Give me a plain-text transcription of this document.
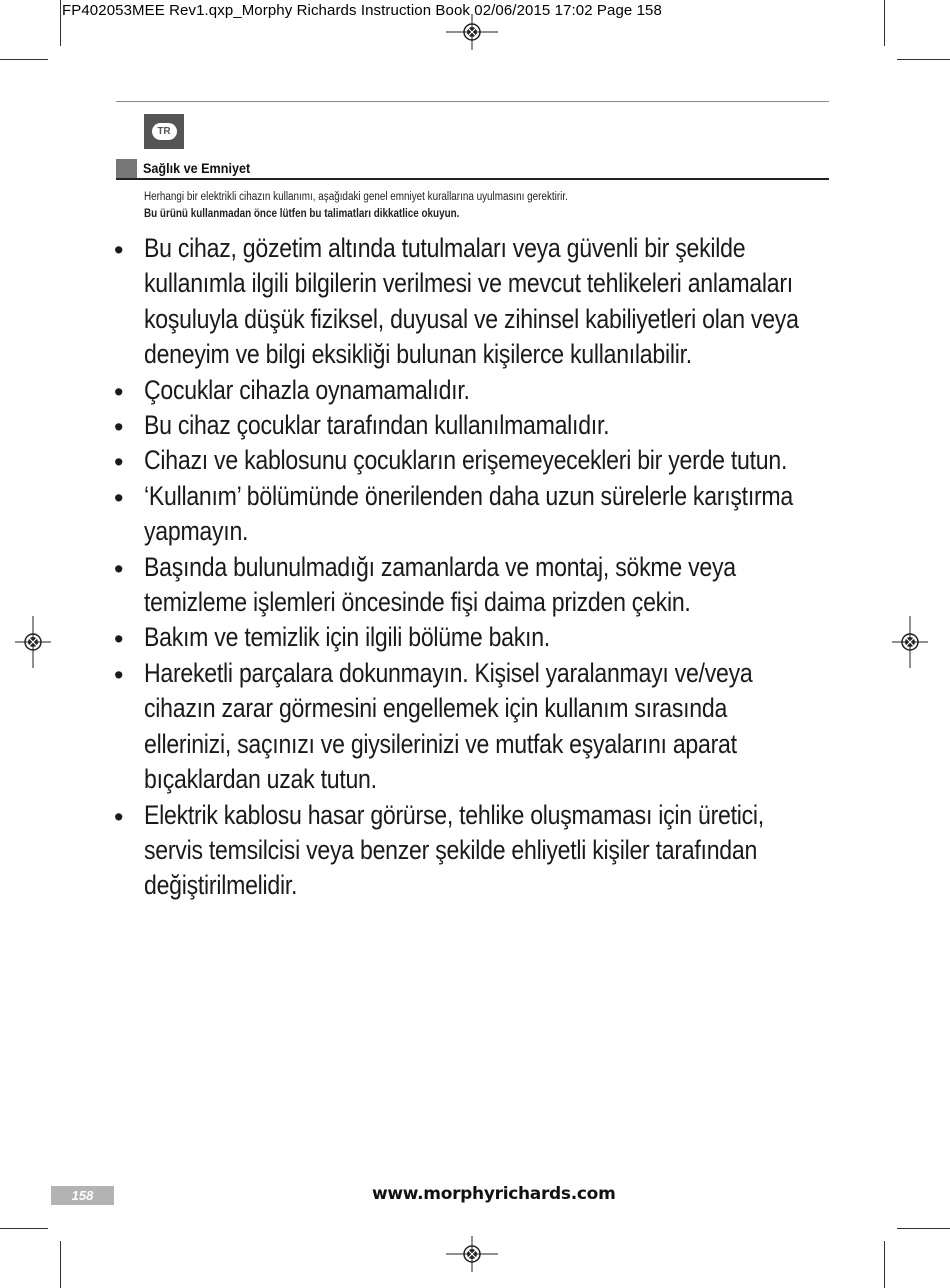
FP402053MEE Rev1.qxp_Morphy Richards Instruction Book 02/06/2015 17:02 Page 158
TR
Sağlık ve Emniyet
Herhangi bir elektrikli cihazın kullanımı, aşağıdaki genel emniyet kurallarına uyulmasını gerektirir.
Bu ürünü kullanmadan önce lütfen bu talimatları dikkatlice okuyun.
• Bu cihaz, gözetim altında tutulmaları veya güvenli bir şekilde kullanımla ilgili bilgilerin verilmesi ve mevcut tehlikeleri anlamaları koşuluyla düşük fiziksel, duyusal ve zihinsel kabiliyetleri olan veya deneyim ve bilgi eksikliği bulunan kişilerce kullanılabilir.
• Çocuklar cihazla oynamamalıdır.
• Bu cihaz çocuklar tarafından kullanılmamalıdır.
• Cihazı ve kablosunu çocukların erişemeyecekleri bir yerde tutun.
• ‘Kullanım’ bölümünde önerilenden daha uzun sürelerle karıştırma yapmayın.
• Başında bulunulmadığı zamanlarda ve montaj, sökme veya temizleme işlemleri öncesinde fişi daima prizden çekin.
• Bakım ve temizlik için ilgili bölüme bakın.
• Hareketli parçalara dokunmayın. Kişisel yaralanmayı ve/veya cihazın zarar görmesini engellemek için kullanım sırasında ellerinizi, saçınızı ve giysilerinizi ve mutfak eşyalarını aparat bıçaklardan uzak tutun.
• Elektrik kablosu hasar görürse, tehlike oluşmaması için üretici, servis temsilcisi veya benzer şekilde ehliyetli kişiler tarafından değiştirilmelidir.
158	www.morphyrichards.com
